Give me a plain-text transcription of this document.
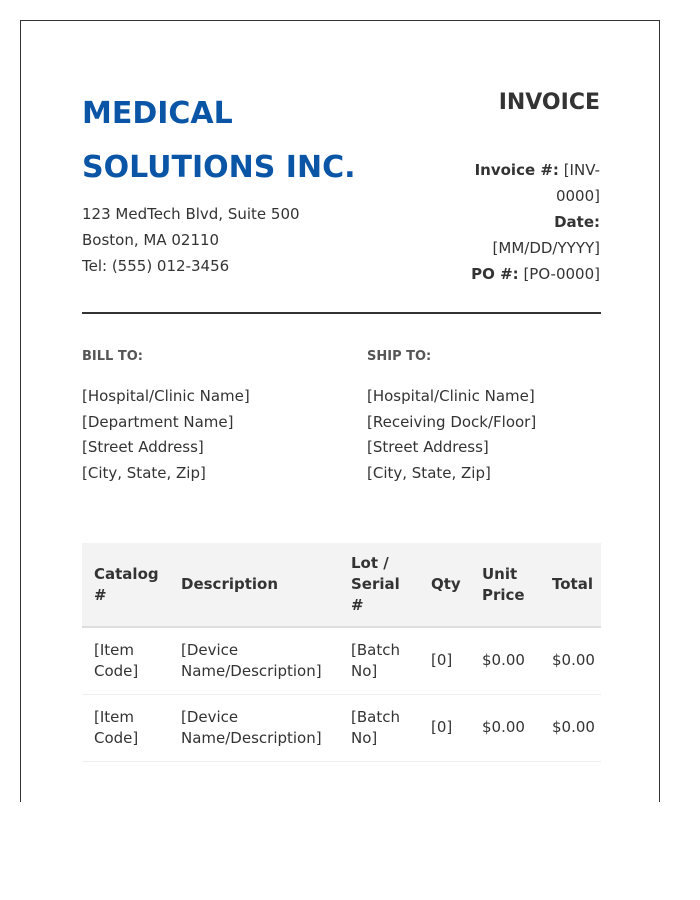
MEDICAL SOLUTIONS INC.
123 MedTech Blvd, Suite 500
Boston, MA 02110
Tel: (555) 012-3456
INVOICE
Invoice #: [INV-0000]
Date: [MM/DD/YYYY]
PO #: [PO-0000]
BILL TO:
[Hospital/Clinic Name]
[Department Name]
[Street Address]
[City, State, Zip]
SHIP TO:
[Hospital/Clinic Name]
[Receiving Dock/Floor]
[Street Address]
[City, State, Zip]
Catalog #	Description	Lot / Serial #	Qty	Unit Price	Total
[Item Code]	[Device Name/Description]	[Batch No]	[0]	$0.00	$0.00
[Item Code]	[Device Name/Description]	[Batch No]	[0]	$0.00	$0.00
